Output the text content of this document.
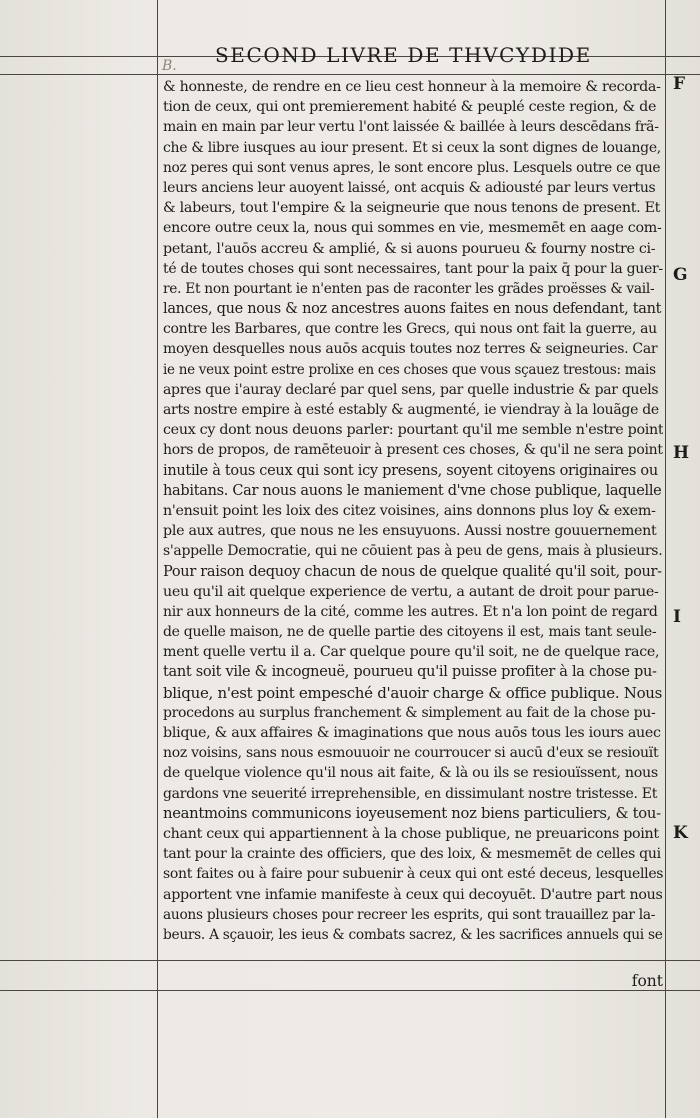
SECOND LIVRE DE THVCYDIDE
B.
& honneste, de rendre en ce lieu cest honneur à la memoire & recorda-
tion de ceux, qui ont premierement habité & peuplé ceste region, & de
main en main par leur vertu l'ont laissée & baillée à leurs descēdans frã-
che & libre iusques au iour present. Et si ceux la sont dignes de louange,
noz peres qui sont venus apres, le sont encore plus. Lesquels outre ce que
leurs anciens leur auoyent laissé, ont acquis & adiousté par leurs vertus
& labeurs, tout l'empire & la seigneurie que nous tenons de present. Et
encore outre ceux la, nous qui sommes en vie, mesmemēt en aage com-
petant, l'auōs accreu & amplié, & si auons pourueu & fourny nostre ci-
té de toutes choses qui sont necessaires, tant pour la paix q̄ pour la guer-
re. Et non pourtant ie n'enten pas de raconter les grãdes proësses & vail-
lances, que nous & noz ancestres auons faites en nous defendant, tant
contre les Barbares, que contre les Grecs, qui nous ont fait la guerre, au
moyen desquelles nous auōs acquis toutes noz terres & seigneuries. Car
ie ne veux point estre prolixe en ces choses que vous sçauez trestous: mais
apres que i'auray declaré par quel sens, par quelle industrie & par quels
arts nostre empire à esté estably & augmenté, ie viendray à la louãge de
ceux cy dont nous deuons parler: pourtant qu'il me semble n'estre point
hors de propos, de ramēteuoir à present ces choses, & qu'il ne sera point
inutile à tous ceux qui sont icy presens, soyent citoyens originaires ou
habitans. Car nous auons le maniement d'vne chose publique, laquelle
n'ensuit point les loix des citez voisines, ains donnons plus loy & exem-
ple aux autres, que nous ne les ensuyuons. Aussi nostre gouuernement
s'appelle Democratie, qui ne cōuient pas à peu de gens, mais à plusieurs.
Pour raison dequoy chacun de nous de quelque qualité qu'il soit, pour-
ueu qu'il ait quelque experience de vertu, a autant de droit pour parue-
nir aux honneurs de la cité, comme les autres. Et n'a lon point de regard
de quelle maison, ne de quelle partie des citoyens il est, mais tant seule-
ment quelle vertu il a. Car quelque poure qu'il soit, ne de quelque race,
tant soit vile & incogneuë, pourueu qu'il puisse profiter à la chose pu-
blique, n'est point empesché d'auoir charge & office publique. Nous
procedons au surplus franchement & simplement au fait de la chose pu-
blique, & aux affaires & imaginations que nous auōs tous les iours auec
noz voisins, sans nous esmouuoir ne courroucer si aucū d'eux se resiouït
de quelque violence qu'il nous ait faite, & là ou ils se resiouïssent, nous
gardons vne seuerité irreprehensible, en dissimulant nostre tristesse. Et
neantmoins communicons ioyeusement noz biens particuliers, & tou-
chant ceux qui appartiennent à la chose publique, ne preuaricons point
tant pour la crainte des officiers, que des loix, & mesmemēt de celles qui
sont faites ou à faire pour subuenir à ceux qui ont esté deceus, lesquelles
apportent vne infamie manifeste à ceux qui decoyuēt. D'autre part nous
auons plusieurs choses pour recreer les esprits, qui sont trauaillez par la-
beurs. A sçauoir, les ieus & combats sacrez, & les sacrifices annuels qui se
font
F
G
H
I
K
